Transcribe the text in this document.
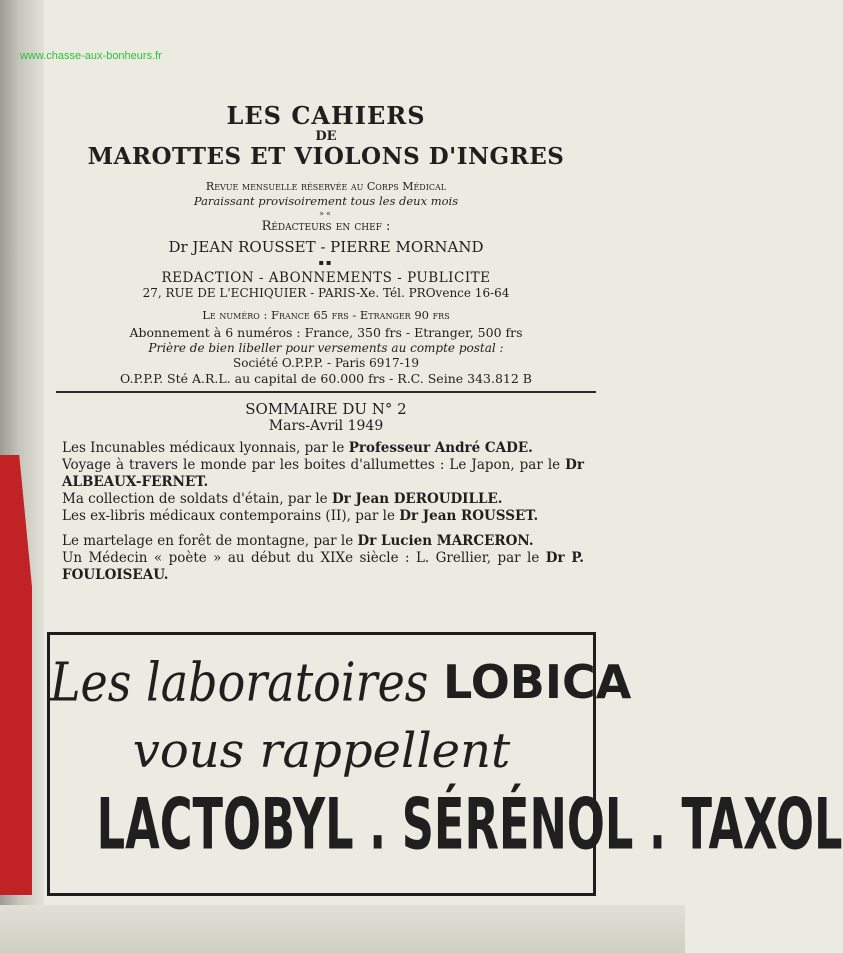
www.chasse-aux-bonheurs.fr
LES CAHIERS
DE
MAROTTES ET VIOLONS D'INGRES
Revue mensuelle réservée au Corps Médical
Paraissant provisoirement tous les deux mois
»«
Rédacteurs en chef :
Dr JEAN ROUSSET - PIERRE MORNAND
▪▪
REDACTION - ABONNEMENTS - PUBLICITE
27, RUE DE L'ECHIQUIER - PARIS-Xe. Tél. PROvence 16-64
Le numéro : France 65 frs - Etranger 90 frs
Abonnement à 6 numéros : France, 350 frs - Etranger, 500 frs
Prière de bien libeller pour versements au compte postal :
Société O.P.P.P. - Paris 6917-19
O.P.P.P. Sté A.R.L. au capital de 60.000 frs - R.C. Seine 343.812 B
SOMMAIRE DU N° 2
Mars-Avril 1949
Les Incunables médicaux lyonnais, par le Professeur André CADE.
Voyage à travers le monde par les boites d'allumettes : Le Japon, par le Dr ALBEAUX-FERNET.
Ma collection de soldats d'étain, par le Dr Jean DEROUDILLE.
Les ex-libris médicaux contemporains (II), par le Dr Jean ROUSSET.
Le martelage en forêt de montagne, par le Dr Lucien MARCERON.
Un Médecin « poète » au début du XIXe siècle : L. Grellier, par le Dr P. FOULOISEAU.
Les laboratoires LOBICA
vous rappellent
LACTOBYL . SÉRÉNOL . TAXOL
